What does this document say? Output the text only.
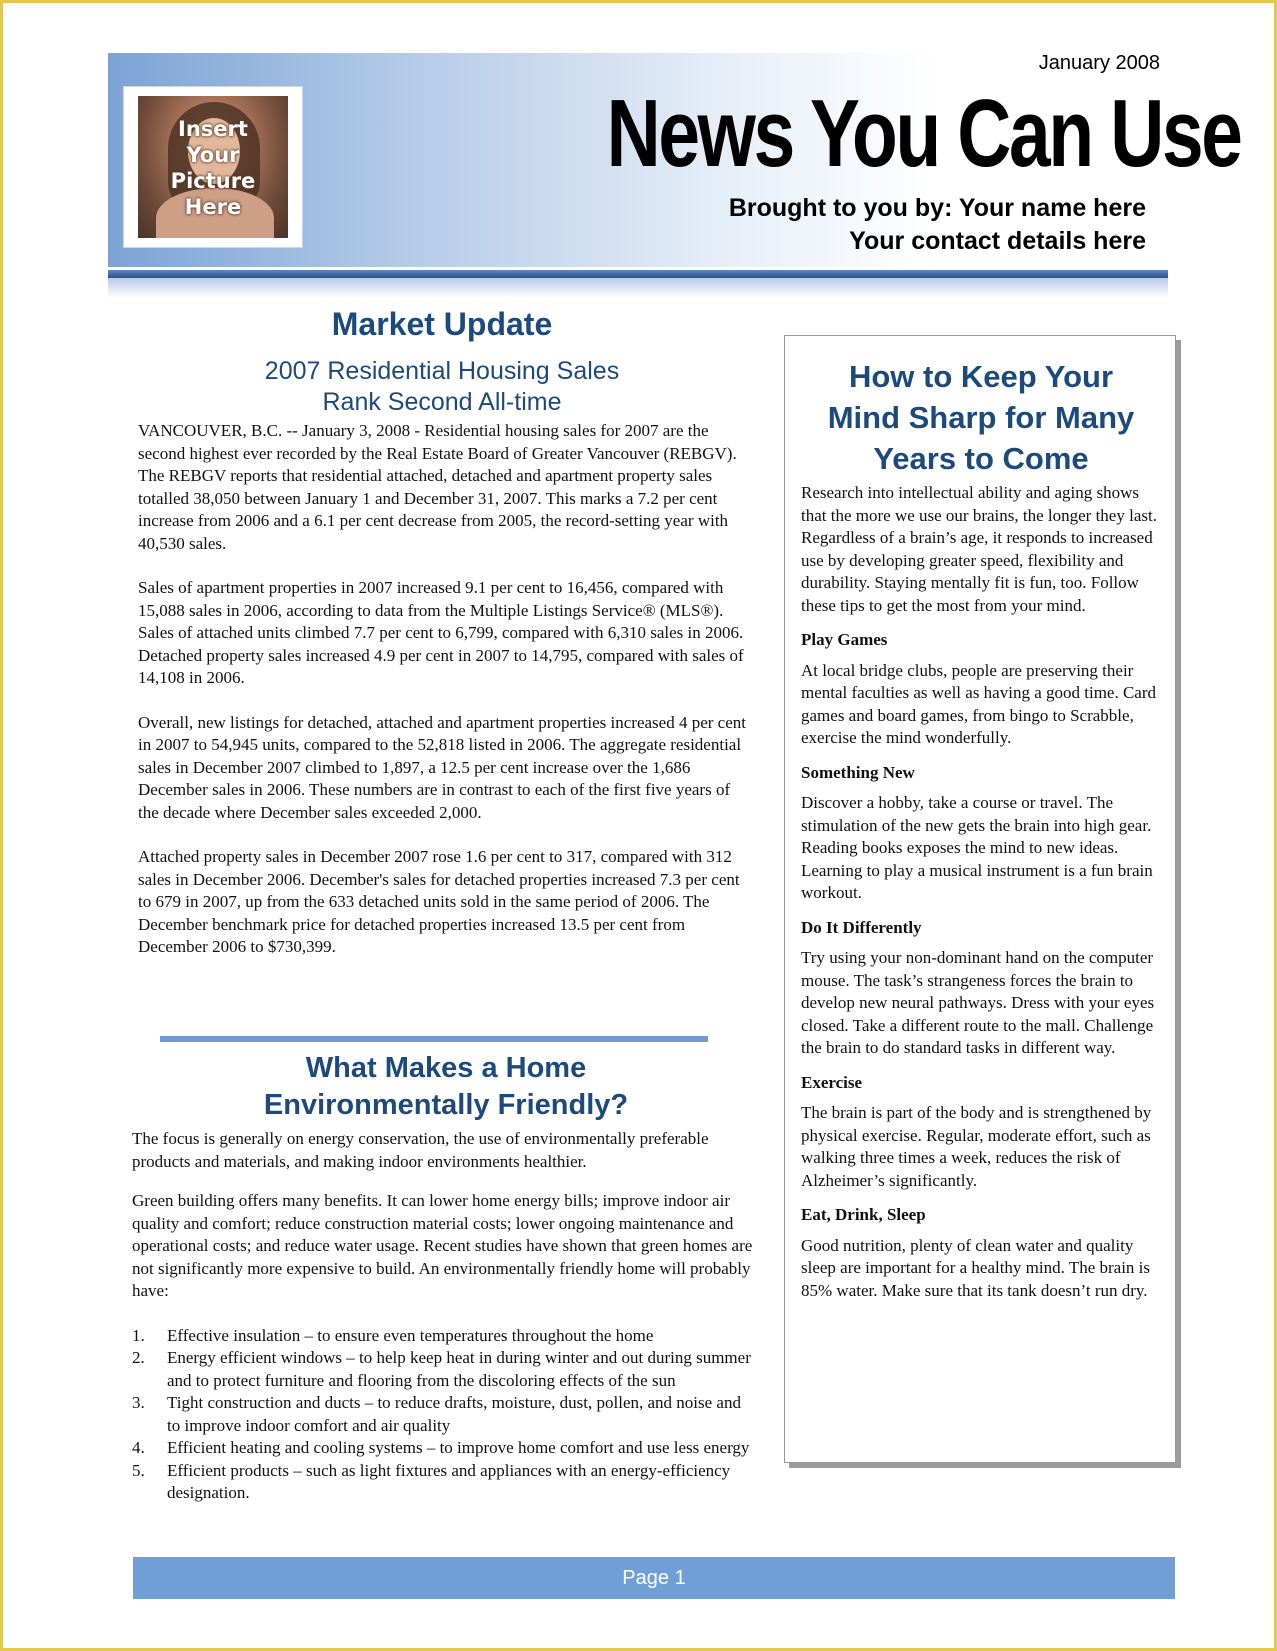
Insert
Your
Picture
Here
January 2008
News You Can Use
Brought to you by: Your name here
Your contact details here
Market Update
2007 Residential Housing Sales
Rank Second All-time

VANCOUVER, B.C. -- January 3, 2008 - Residential housing sales for 2007 are the second highest ever recorded by the Real Estate Board of Greater Vancouver (REBGV). The REBGV reports that residential attached, detached and apartment property sales totalled 38,050 between January 1 and December 31, 2007. This marks a 7.2 per cent increase from 2006 and a 6.1 per cent decrease from 2005, the record-setting year with 40,530 sales.

Sales of apartment properties in 2007 increased 9.1 per cent to 16,456, compared with 15,088 sales in 2006, according to data from the Multiple Listings Service® (MLS®). Sales of attached units climbed 7.7 per cent to 6,799, compared with 6,310 sales in 2006. Detached property sales increased 4.9 per cent in 2007 to 14,795, compared with sales of 14,108 in 2006.

Overall, new listings for detached, attached and apartment properties increased 4 per cent in 2007 to 54,945 units, compared to the 52,818 listed in 2006. The aggregate residential sales in December 2007 climbed to 1,897, a 12.5 per cent increase over the 1,686 December sales in 2006. These numbers are in contrast to each of the first five years of the decade where December sales exceeded 2,000.

Attached property sales in December 2007 rose 1.6 per cent to 317, compared with 312 sales in December 2006. December's sales for detached properties increased 7.3 per cent to 679 in 2007, up from the 633 detached units sold in the same period of 2006. The December benchmark price for detached properties increased 13.5 per cent from December 2006 to $730,399.

What Makes a Home
Environmentally Friendly?

The focus is generally on energy conservation, the use of environmentally preferable products and materials, and making indoor environments healthier.

Green building offers many benefits. It can lower home energy bills; improve indoor air quality and comfort; reduce construction material costs; lower ongoing maintenance and operational costs; and reduce water usage. Recent studies have shown that green homes are not significantly more expensive to build. An environmentally friendly home will probably have:

1. Effective insulation – to ensure even temperatures throughout the home
2. Energy efficient windows – to help keep heat in during winter and out during summer and to protect furniture and flooring from the discoloring effects of the sun
3. Tight construction and ducts – to reduce drafts, moisture, dust, pollen, and noise and to improve indoor comfort and air quality
4. Efficient heating and cooling systems – to improve home comfort and use less energy
5. Efficient products – such as light fixtures and appliances with an energy-efficiency designation.
How to Keep Your
Mind Sharp for Many
Years to Come

Research into intellectual ability and aging shows that the more we use our brains, the longer they last. Regardless of a brain’s age, it responds to increased use by developing greater speed, flexibility and durability. Staying mentally fit is fun, too. Follow these tips to get the most from your mind.

Play Games

At local bridge clubs, people are preserving their mental faculties as well as having a good time. Card games and board games, from bingo to Scrabble, exercise the mind wonderfully.

Something New

Discover a hobby, take a course or travel. The stimulation of the new gets the brain into high gear. Reading books exposes the mind to new ideas. Learning to play a musical instrument is a fun brain workout.

Do It Differently

Try using your non-dominant hand on the computer mouse. The task’s strangeness forces the brain to develop new neural pathways. Dress with your eyes closed. Take a different route to the mall. Challenge the brain to do standard tasks in different way.

Exercise

The brain is part of the body and is strengthened by physical exercise. Regular, moderate effort, such as walking three times a week, reduces the risk of Alzheimer’s significantly.

Eat, Drink, Sleep

Good nutrition, plenty of clean water and quality sleep are important for a healthy mind. The brain is 85% water. Make sure that its tank doesn’t run dry.

Page 1
